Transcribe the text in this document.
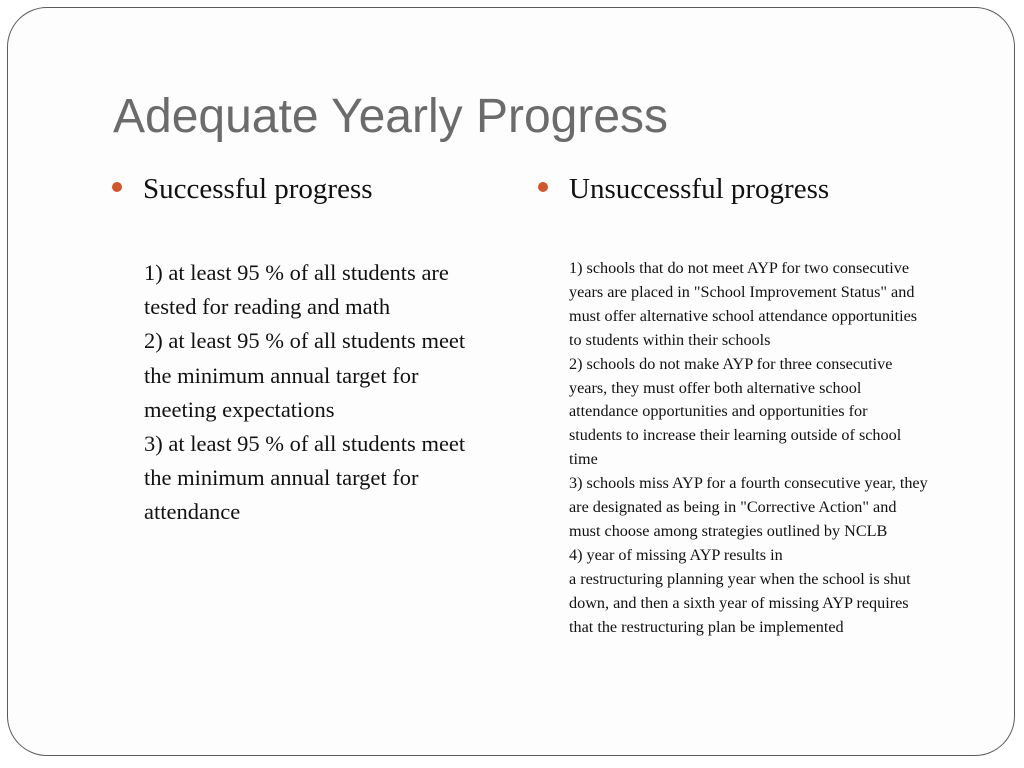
Adequate Yearly Progress
Successful progress
1) at least 95 % of all students are
tested for reading and math
2) at least 95 % of all students meet
the minimum annual target for
meeting expectations
3) at least 95 % of all students meet
the minimum annual target for
attendance
Unsuccessful progress
1) schools that do not meet AYP for two consecutive
years are placed in "School Improvement Status" and
must offer alternative school attendance opportunities
to students within their schools
2) schools do not make AYP for three consecutive
years, they must offer both alternative school
attendance opportunities and opportunities for
students to increase their learning outside of school
time
3) schools miss AYP for a fourth consecutive year, they
are designated as being in "Corrective Action" and
must choose among strategies outlined by NCLB
4) year of missing AYP results in
a restructuring planning year when the school is shut
down, and then a sixth year of missing AYP requires
that the restructuring plan be implemented
